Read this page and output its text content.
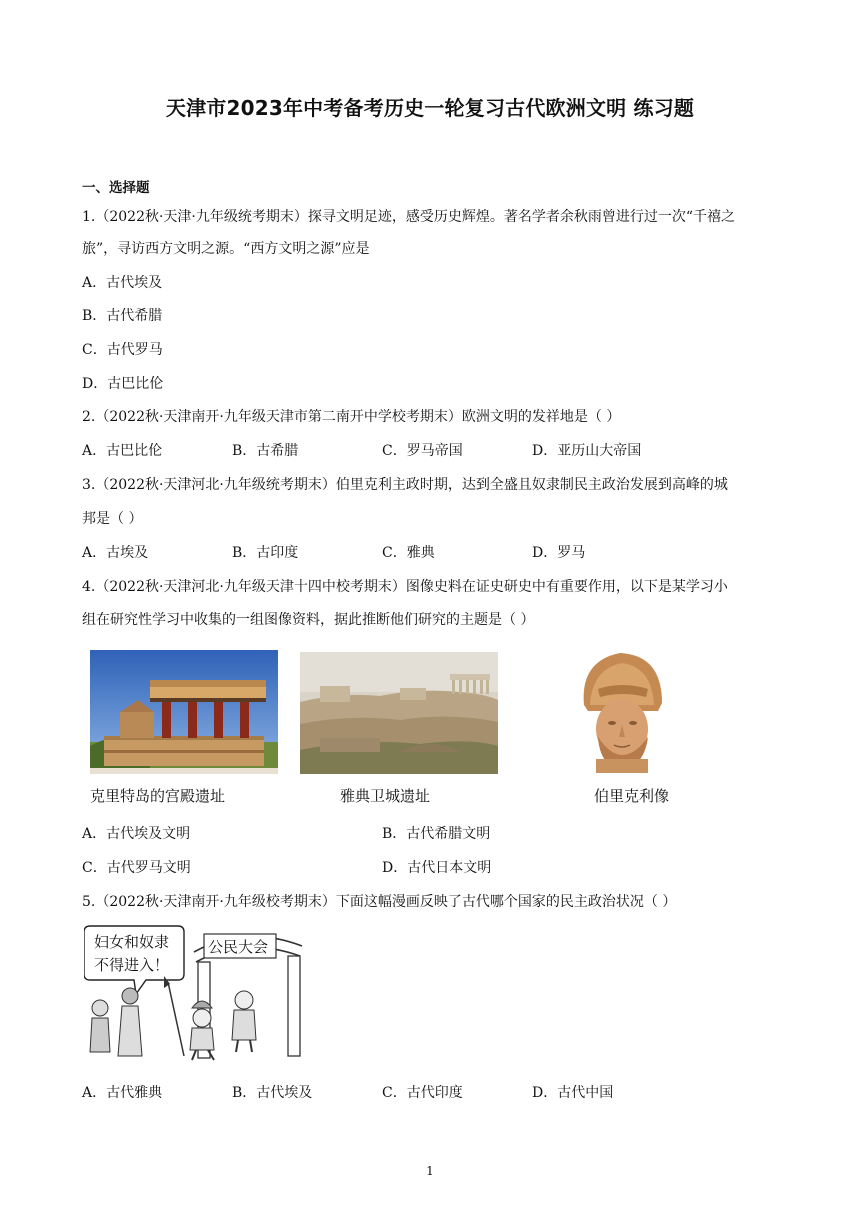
天津市2023年中考备考历史一轮复习古代欧洲文明 练习题
一、选择题
1.（2022秋·天津·九年级统考期末）探寻文明足迹，感受历史辉煌。著名学者余秋雨曾进行过一次“千禧之
旅”，寻访西方文明之源。“西方文明之源”应是
A．古代埃及
B．古代希腊
C．古代罗马
D．古巴比伦
2.（2022秋·天津南开·九年级天津市第二南开中学校考期末）欧洲文明的发祥地是（ ）
A．古巴比伦	B．古希腊	C．罗马帝国	D．亚历山大帝国
3.（2022秋·天津河北·九年级统考期末）伯里克利主政时期，达到全盛且奴隶制民主政治发展到高峰的城
邦是（ ）
A．古埃及	B．古印度	C．雅典	D．罗马
4.（2022秋·天津河北·九年级天津十四中校考期末）图像史料在证史研史中有重要作用，以下是某学习小
组在研究性学习中收集的一组图像资料，据此推断他们研究的主题是（ ）
克里特岛的宫殿遗址	雅典卫城遗址	伯里克利像
A．古代埃及文明	B．古代希腊文明
C．古代罗马文明	D．古代日本文明
5.（2022秋·天津南开·九年级校考期末）下面这幅漫画反映了古代哪个国家的民主政治状况（ ）
妇女和奴隶
不得进入！
公民大会
A．古代雅典	B．古代埃及	C．古代印度	D．古代中国
1
